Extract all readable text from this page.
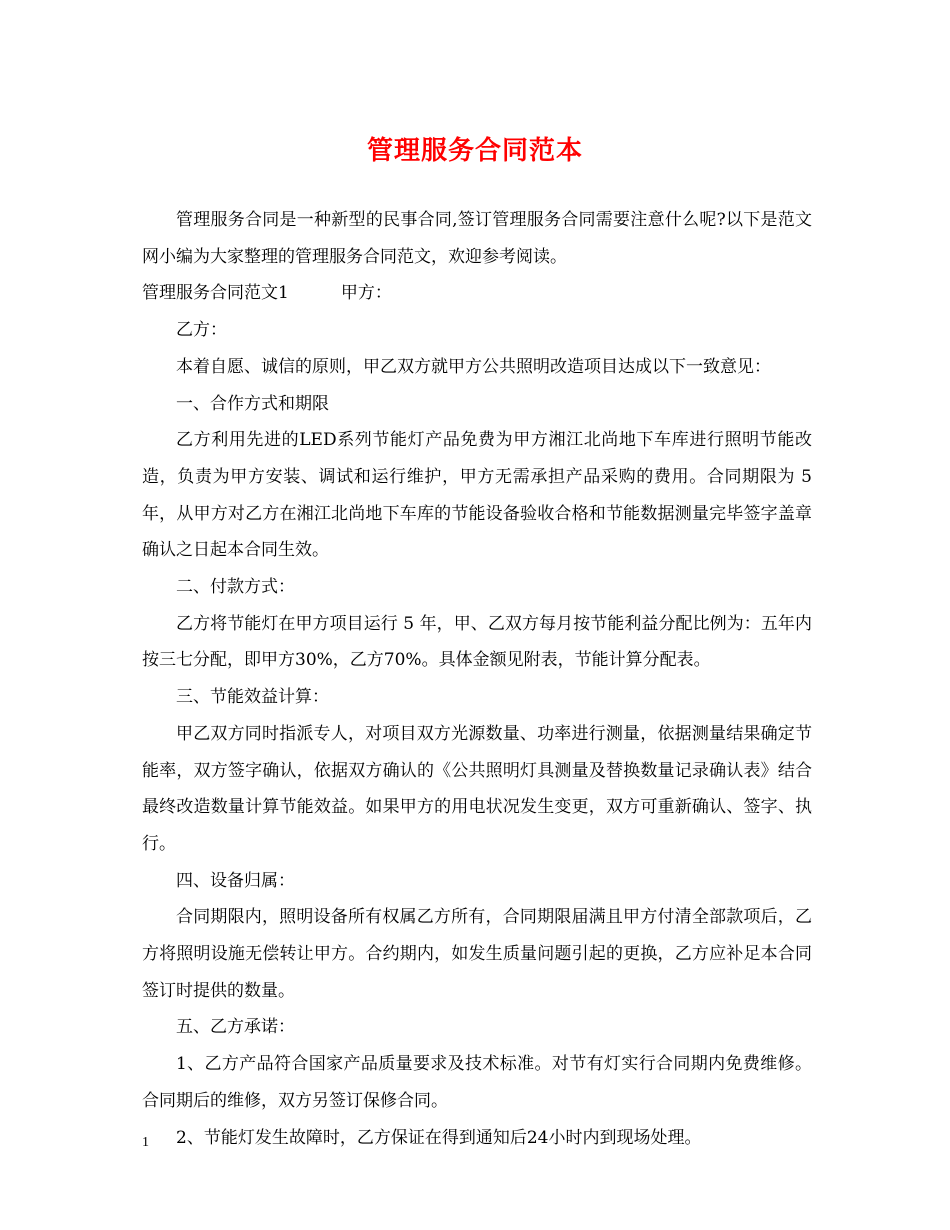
管理服务合同范本

管理服务合同是一种新型的民事合同,签订管理服务合同需要注意什么呢?以下是范文网小编为大家整理的管理服务合同范文，欢迎参考阅读。

管理服务合同范文1	甲方：

乙方：

本着自愿、诚信的原则，甲乙双方就甲方公共照明改造项目达成以下一致意见：

一、合作方式和期限

乙方利用先进的LED系列节能灯产品免费为甲方湘江北尚地下车库进行照明节能改造，负责为甲方安装、调试和运行维护，甲方无需承担产品采购的费用。合同期限为 5 年，从甲方对乙方在湘江北尚地下车库的节能设备验收合格和节能数据测量完毕签字盖章确认之日起本合同生效。

二、付款方式：

乙方将节能灯在甲方项目运行 5 年，甲、乙双方每月按节能利益分配比例为：五年内按三七分配，即甲方30%，乙方70%。具体金额见附表，节能计算分配表。

三、节能效益计算：

甲乙双方同时指派专人，对项目双方光源数量、功率进行测量，依据测量结果确定节能率，双方签字确认，依据双方确认的《公共照明灯具测量及替换数量记录确认表》结合最终改造数量计算节能效益。如果甲方的用电状况发生变更，双方可重新确认、签字、执行。

四、设备归属：

合同期限内，照明设备所有权属乙方所有，合同期限届满且甲方付清全部款项后，乙方将照明设施无偿转让甲方。合约期内，如发生质量问题引起的更换，乙方应补足本合同签订时提供的数量。

五、乙方承诺：

1、乙方产品符合国家产品质量要求及技术标准。对节有灯实行合同期内免费维修。合同期后的维修，双方另签订保修合同。

2、节能灯发生故障时，乙方保证在得到通知后24小时内到现场处理。

1
